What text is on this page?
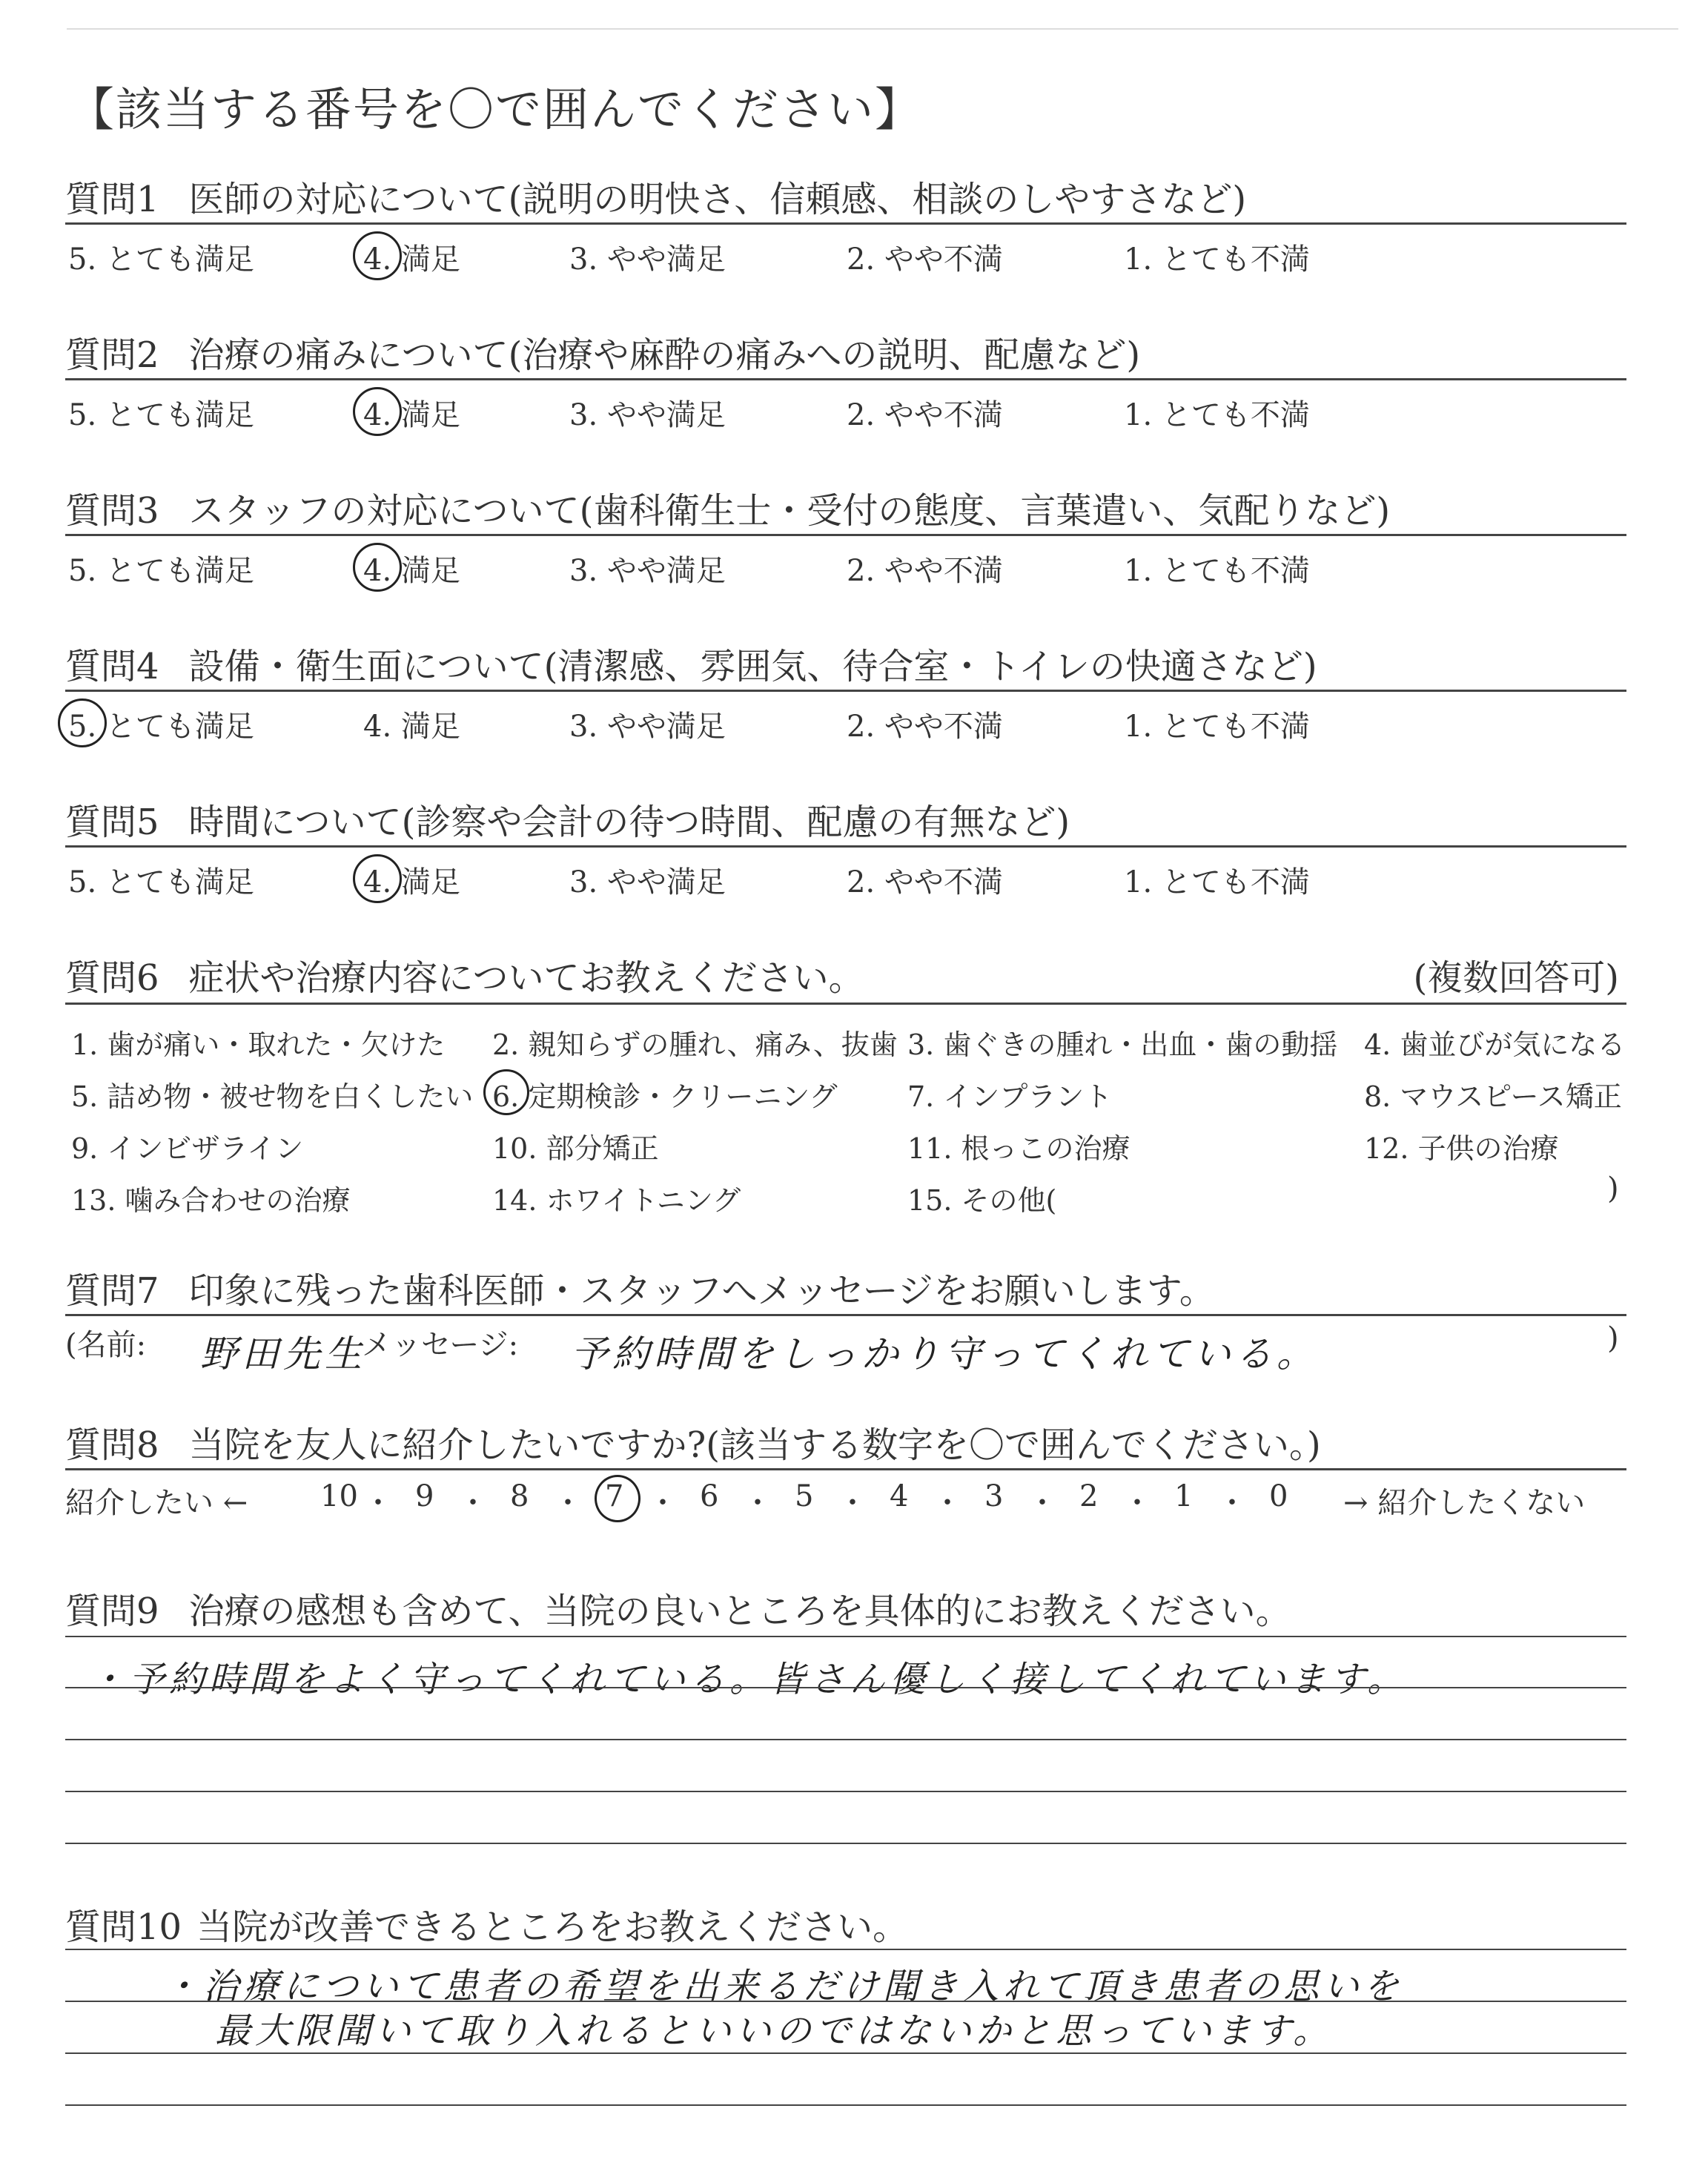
【該当する番号を〇で囲んでください】
質問1 医師の対応について(説明の明快さ、信頼感、相談のしやすさなど)
5. とても満足	4. 満足	3. やや満足	2. やや不満	1. とても不満
質問2 治療の痛みについて(治療や麻酔の痛みへの説明、配慮など)
5. とても満足	4. 満足	3. やや満足	2. やや不満	1. とても不満
質問3 スタッフの対応について(歯科衛生士・受付の態度、言葉遣い、気配りなど)
5. とても満足	4. 満足	3. やや満足	2. やや不満	1. とても不満
質問4 設備・衛生面について(清潔感、雰囲気、待合室・トイレの快適さなど)
5. とても満足	4. 満足	3. やや満足	2. やや不満	1. とても不満
質問5 時間について(診察や会計の待つ時間、配慮の有無など)
5. とても満足	4. 満足	3. やや満足	2. やや不満	1. とても不満
質問6 症状や治療内容についてお教えください。	(複数回答可)
1. 歯が痛い・取れた・欠けた 2. 親知らずの腫れ、痛み、抜歯 3. 歯ぐきの腫れ・出血・歯の動揺 4. 歯並びが気になる
5. 詰め物・被せ物を白くしたい 6. 定期検診・クリーニング 7. インプラント	8. マウスピース矯正
9. インビザライン	10. 部分矯正	11. 根っこの治療	12. 子供の治療
13. 噛み合わせの治療	14. ホワイトニング	15. その他(	)
質問7 印象に残った歯科医師・スタッフへメッセージをお願いします。
(名前: 野田先生
メッセージ: 予約時間をしっかり守ってくれている。	)
質問8 当院を友人に紹介したいですか?(該当する数字を〇で囲んでください。)
紹介したい ← 10 ・ 9 ・ 8 ・ 7 ・ 6 ・ 5 ・ 4 ・ 3 ・ 2 ・ 1 ・ 0 → 紹介したくない
質問9 治療の感想も含めて、当院の良いところを具体的にお教えください。
・予約時間をよく守ってくれている。皆さん優しく接してくれています。
質問10 当院が改善できるところをお教えください。
・治療について患者の希望を出来るだけ聞き入れて頂き患者の思いを
最大限聞いて取り入れるといいのではないかと思っています。
